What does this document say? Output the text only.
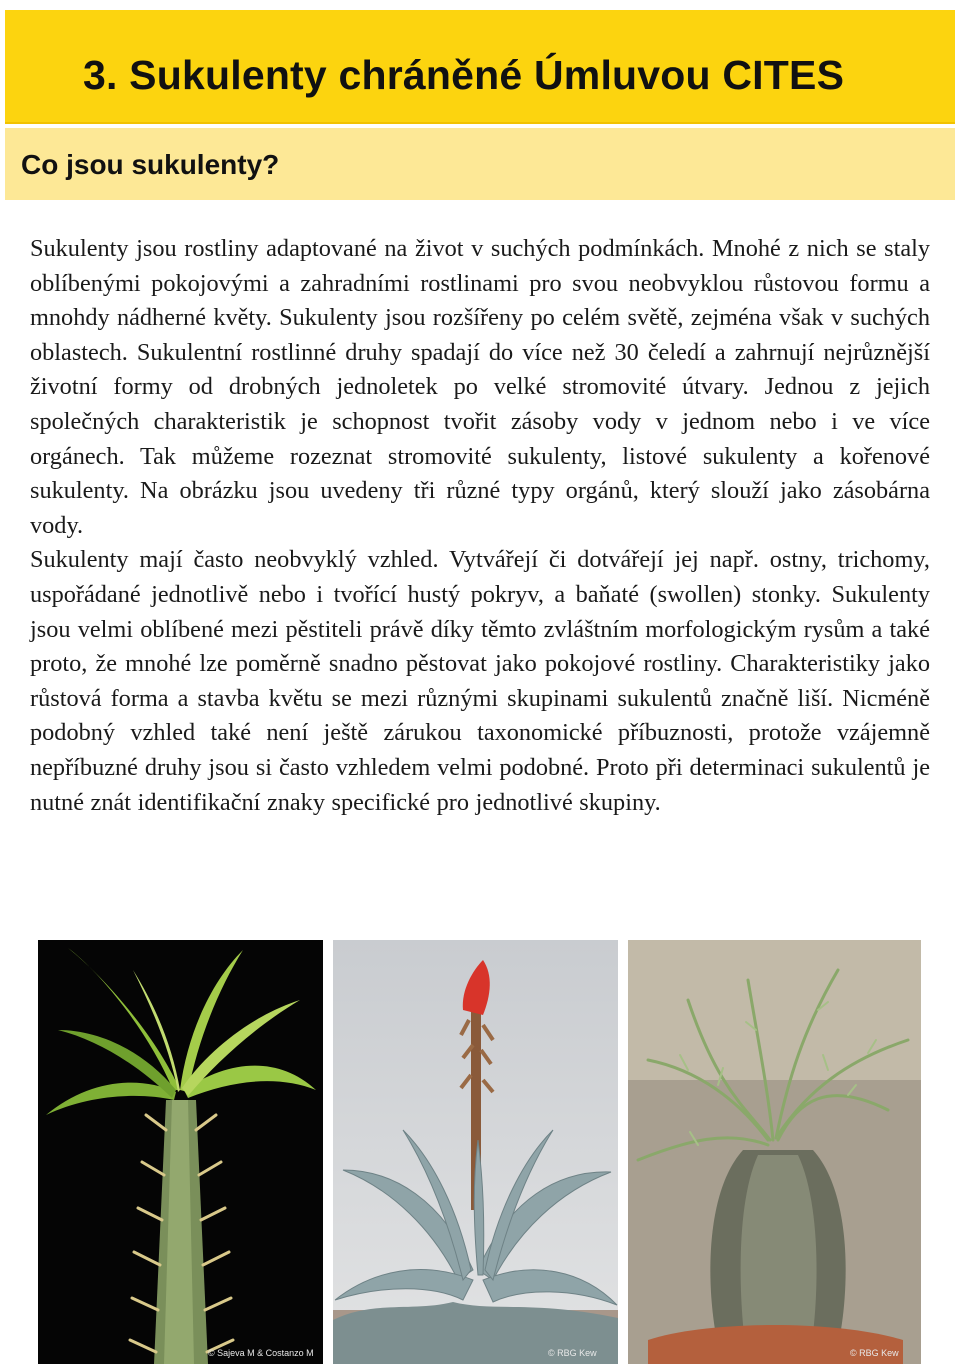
3. Sukulenty chráněné Úmluvou CITES
Co jsou sukulenty?

Sukulenty jsou rostliny adaptované na život v suchých podmínkách. Mnohé z nich se staly oblíbenými pokojovými a zahradními rostlinami pro svou neobvyklou růstovou formu a mnohdy nádherné květy. Sukulenty jsou rozšířeny po celém světě, zejména však v suchých oblastech. Sukulentní rostlinné druhy spadají do více než 30 čeledí a zahrnují nejrůznější životní formy od drobných jednoletek po velké stromovité útvary. Jednou z jejich společných charakteristik je schopnost tvořit zásoby vody v jednom nebo i ve více orgánech. Tak můžeme rozeznat stromovité sukulenty, listové sukulenty a kořenové sukulenty. Na obrázku jsou uvedeny tři různé typy orgánů, který slouží jako zásobárna vody.

Sukulenty mají často neobvyklý vzhled. Vytvářejí či dotvářejí jej např. ostny, trichomy, uspořádané jednotlivě nebo i tvořící hustý pokryv, a baňaté (swollen) stonky. Sukulenty jsou velmi oblíbené mezi pěstiteli právě díky těmto zvláštním morfologickým rysům a také proto, že mnohé lze poměrně snadno pěstovat jako pokojové rostliny. Charakteristiky jako růstová forma a stavba květu se mezi různými skupinami sukulentů značně liší. Nicméně podobný vzhled také není ještě zárukou taxonomické příbuznosti, protože vzájemně nepříbuzné druhy jsou si často vzhledem velmi podobné. Proto při determinaci sukulentů je nutné znát identifikační znaky specifické pro jednotlivé skupiny.

© Sajeva M & Costanzo M	© RBG Kew	© RBG Kew
